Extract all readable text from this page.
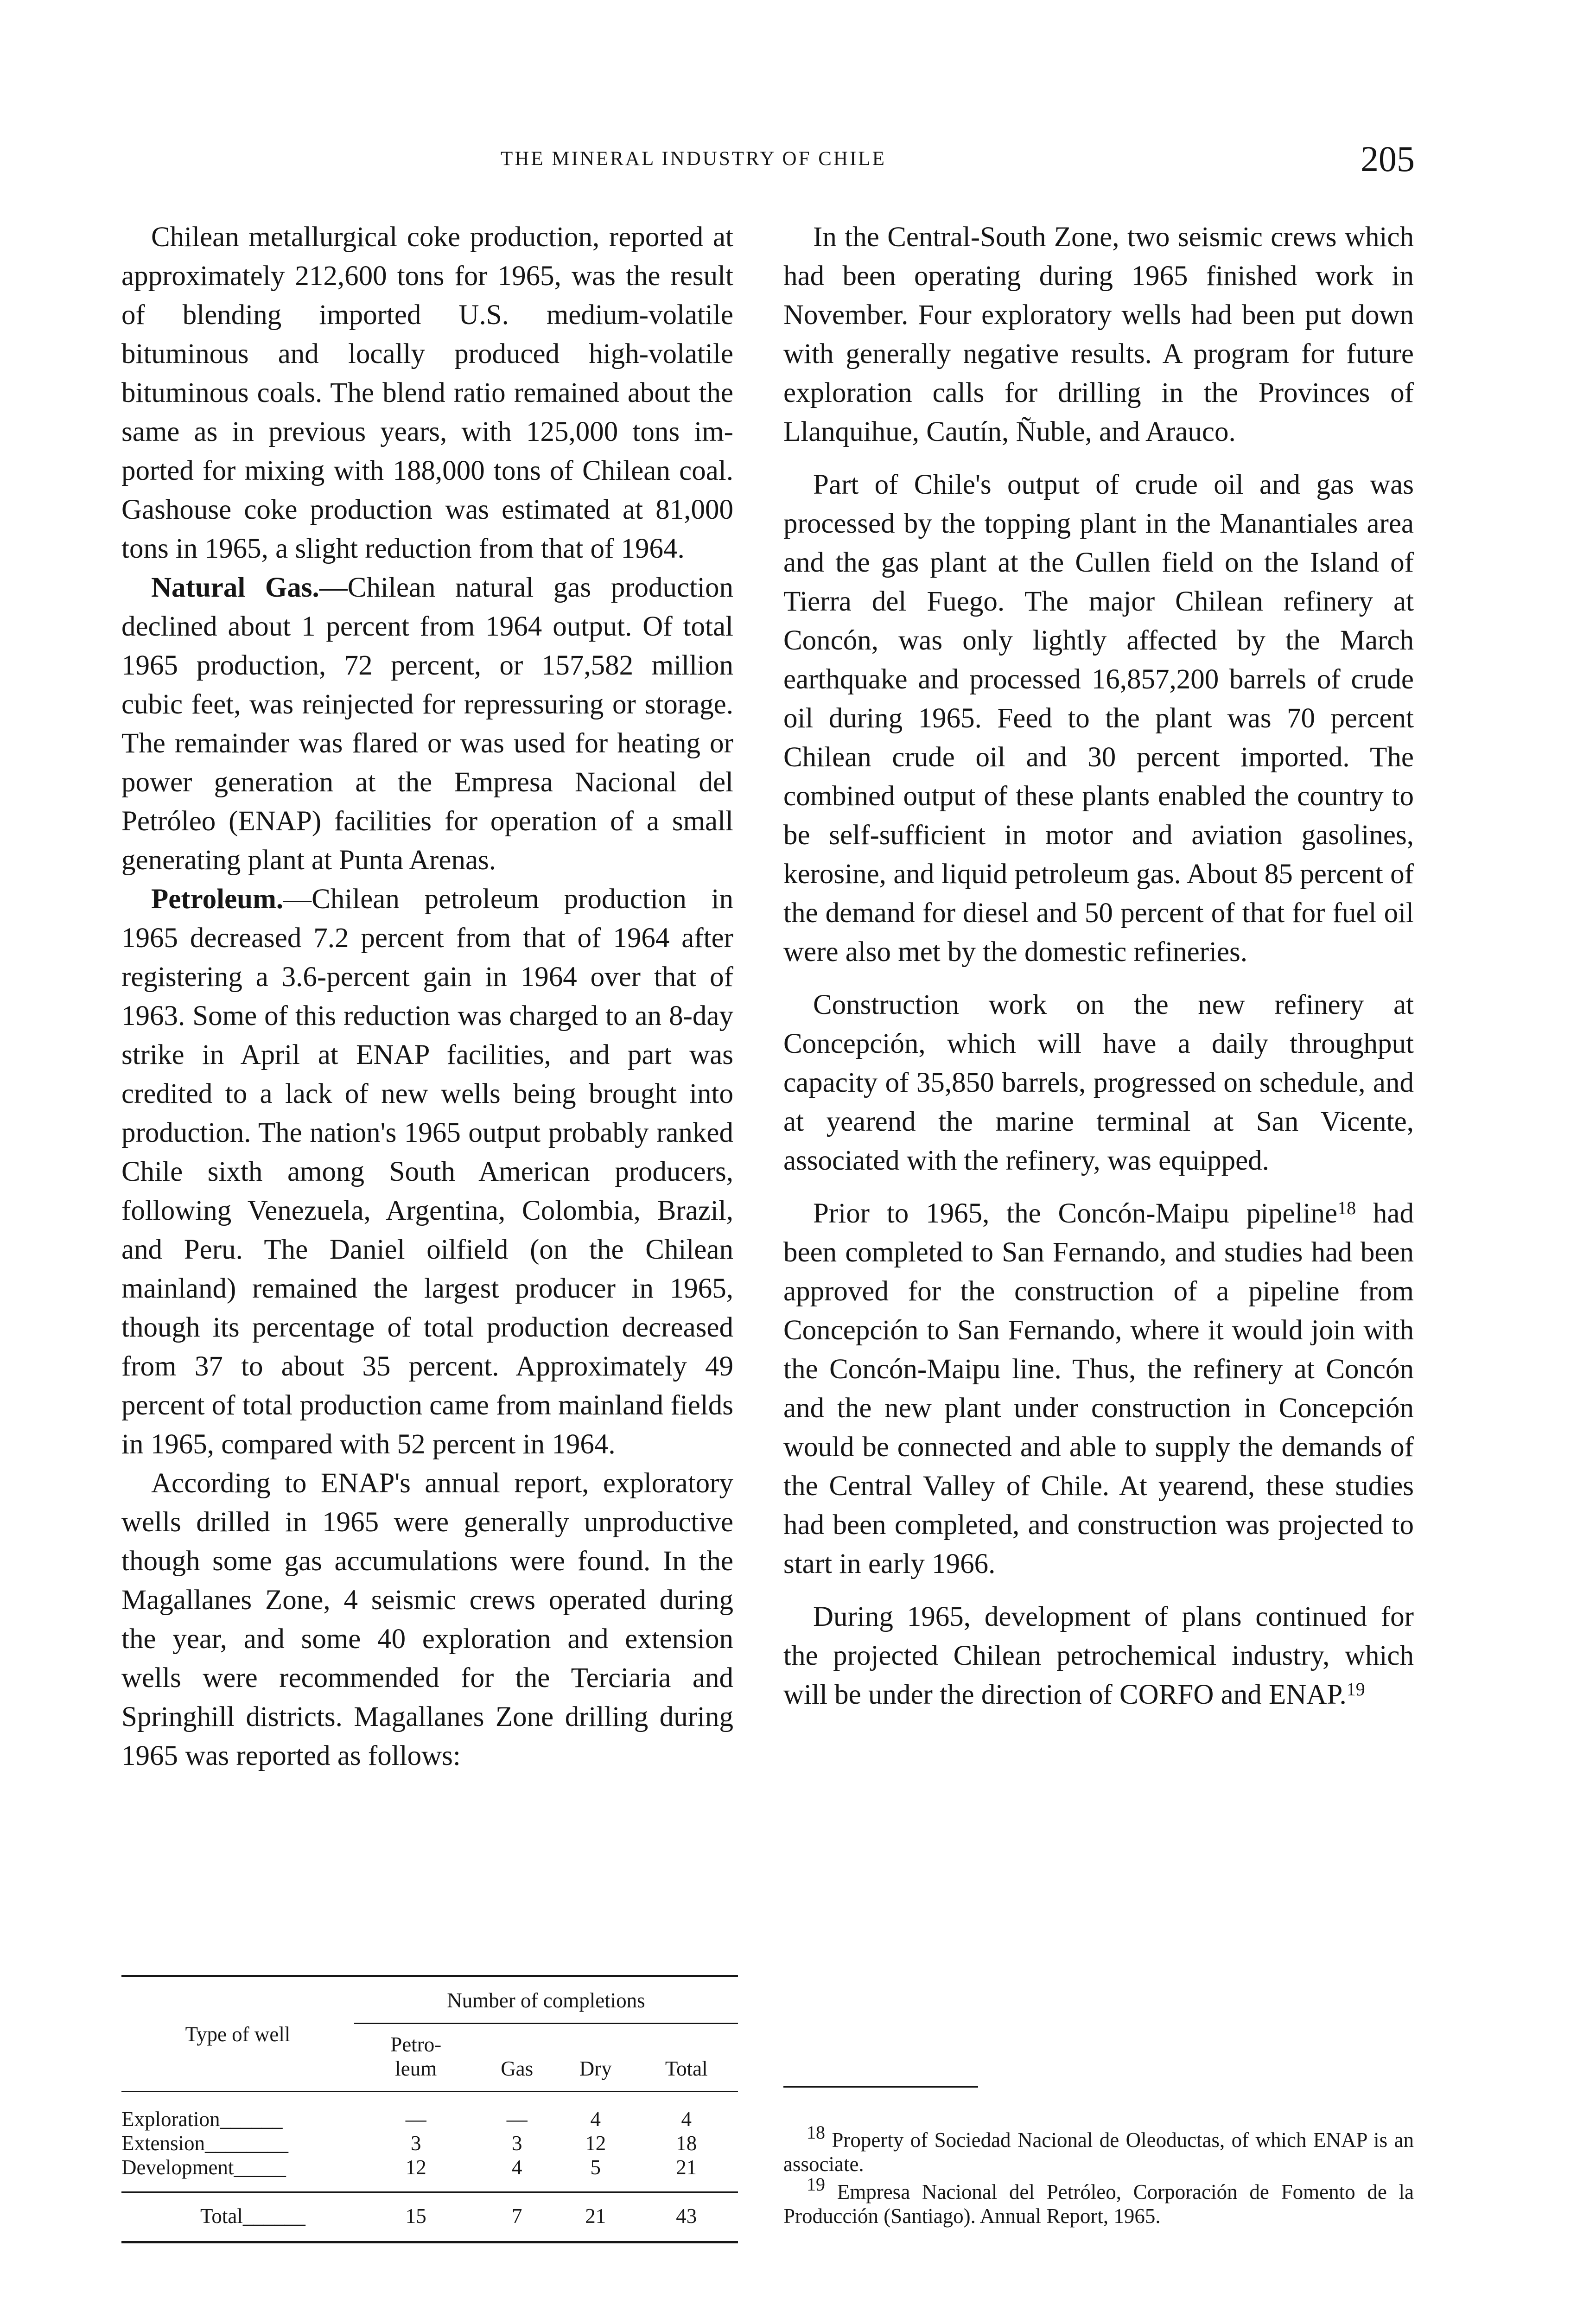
THE MINERAL INDUSTRY OF CHILE	205

Chilean metallurgical coke production, reported at approximately 212,600 tons for 1965, was the result of blending imported U.S. medium-volatile bituminous and locally produced high-volatile bituminous coals. The blend ratio remained about the same as in previous years, with 125,000 tons imported for mixing with 188,000 tons of Chilean coal. Gashouse coke production was estimated at 81,000 tons in 1965, a slight reduction from that of 1964.

Natural Gas.—Chilean natural gas production declined about 1 percent from 1964 output. Of total 1965 production, 72 percent, or 157,582 million cubic feet, was reinjected for repressuring or storage. The remainder was flared or was used for heating or power generation at the Empresa Nacional del Petróleo (ENAP) facilities for operation of a small generating plant at Punta Arenas.

Petroleum.—Chilean petroleum production in 1965 decreased 7.2 percent from that of 1964 after registering a 3.6-percent gain in 1964 over that of 1963. Some of this reduction was charged to an 8-day strike in April at ENAP facilities, and part was credited to a lack of new wells being brought into production. The nation's 1965 output probably ranked Chile sixth among South American producers, following Venezuela, Argentina, Colombia, Brazil, and Peru. The Daniel oilfield (on the Chilean mainland) remained the largest producer in 1965, though its percentage of total production decreased from 37 to about 35 percent. Approximately 49 percent of total production came from mainland fields in 1965, compared with 52 percent in 1964.

According to ENAP's annual report, exploratory wells drilled in 1965 were generally unproductive though some gas accumulations were found. In the Magallanes Zone, 4 seismic crews operated during the year, and some 40 exploration and extension wells were recommended for the Terciaria and Springhill districts. Magallanes Zone drilling during 1965 was reported as follows:

Type of well	Number of completions			
	Petro-
leum	Gas	Dry	Total
Exploration______	—	—	4	4
Extension________	3	3	12	18
Development_____	12	4	5	21
Total______	15	7	21	43

In the Central-South Zone, two seismic crews which had been operating during 1965 finished work in November. Four exploratory wells had been put down with generally negative results. A program for future exploration calls for drilling in the Provinces of Llanquihue, Cautín, Ñuble, and Arauco.

Part of Chile's output of crude oil and gas was processed by the topping plant in the Manantiales area and the gas plant at the Cullen field on the Island of Tierra del Fuego. The major Chilean refinery at Concón, was only lightly affected by the March earthquake and processed 16,857,200 barrels of crude oil during 1965. Feed to the plant was 70 percent Chilean crude oil and 30 percent imported. The combined output of these plants enabled the country to be self-sufficient in motor and aviation gasolines, kerosine, and liquid petroleum gas. About 85 percent of the demand for diesel and 50 percent of that for fuel oil were also met by the domestic refineries.

Construction work on the new refinery at Concepción, which will have a daily throughput capacity of 35,850 barrels, progressed on schedule, and at yearend the marine terminal at San Vicente, associated with the refinery, was equipped.

Prior to 1965, the Concón-Maipu pipeline$^{18}$ had been completed to San Fernando, and studies had been approved for the construction of a pipeline from Concepción to San Fernando, where it would join with the Concón-Maipu line. Thus, the refinery at Concón and the new plant under construction in Concepción would be connected and able to supply the demands of the Central Valley of Chile. At yearend, these studies had been completed, and construction was projected to start in early 1966.

During 1965, development of plans continued for the projected Chilean petrochemical industry, which will be under the direction of CORFO and ENAP.$^{19}$

$^{18}$ Property of Sociedad Nacional de Oleoductas, of which ENAP is an associate.

$^{19}$ Empresa Nacional del Petróleo, Corporación de Fomento de la Producción (Santiago). Annual Report, 1965.
